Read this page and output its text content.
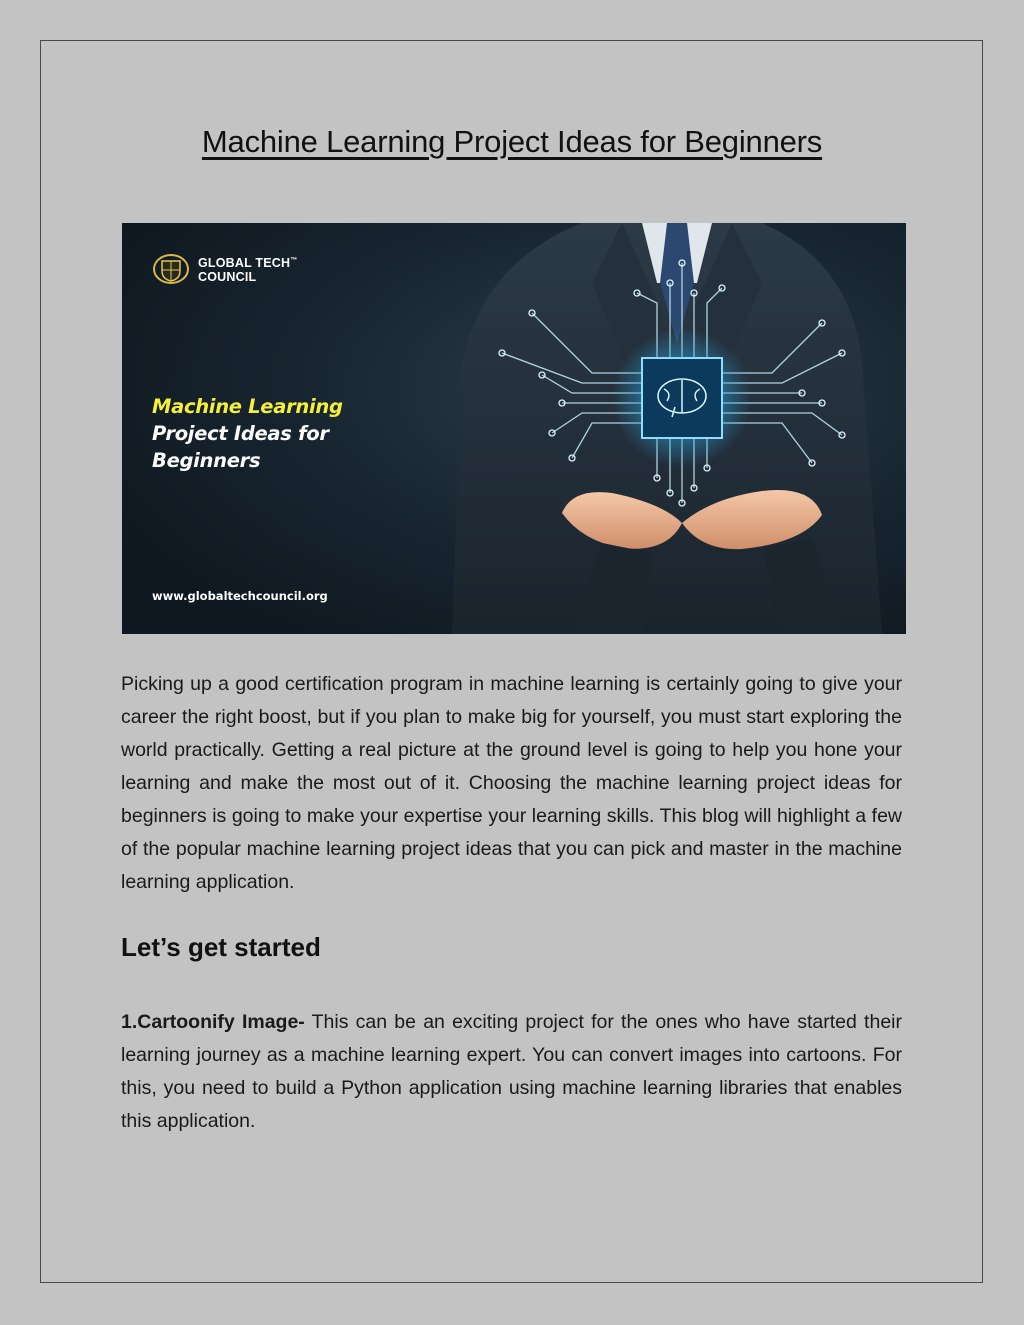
Machine Learning Project Ideas for Beginners
GLOBAL TECH™
COUNCIL
Machine Learning
Project Ideas for
Beginners
www.globaltechcouncil.org

Picking up a good certification program in machine learning is certainly going to give your career the right boost, but if you plan to make big for yourself, you must start exploring the world practically. Getting a real picture at the ground level is going to help you hone your learning and make the most out of it. Choosing the machine learning project ideas for beginners is going to make your expertise your learning skills. This blog will highlight a few of the popular machine learning project ideas that you can pick and master in the machine learning application.

Let’s get started

1.Cartoonify Image- This can be an exciting project for the ones who have started their learning journey as a machine learning expert. You can convert images into cartoons. For this, you need to build a Python application using machine learning libraries that enables this application.
